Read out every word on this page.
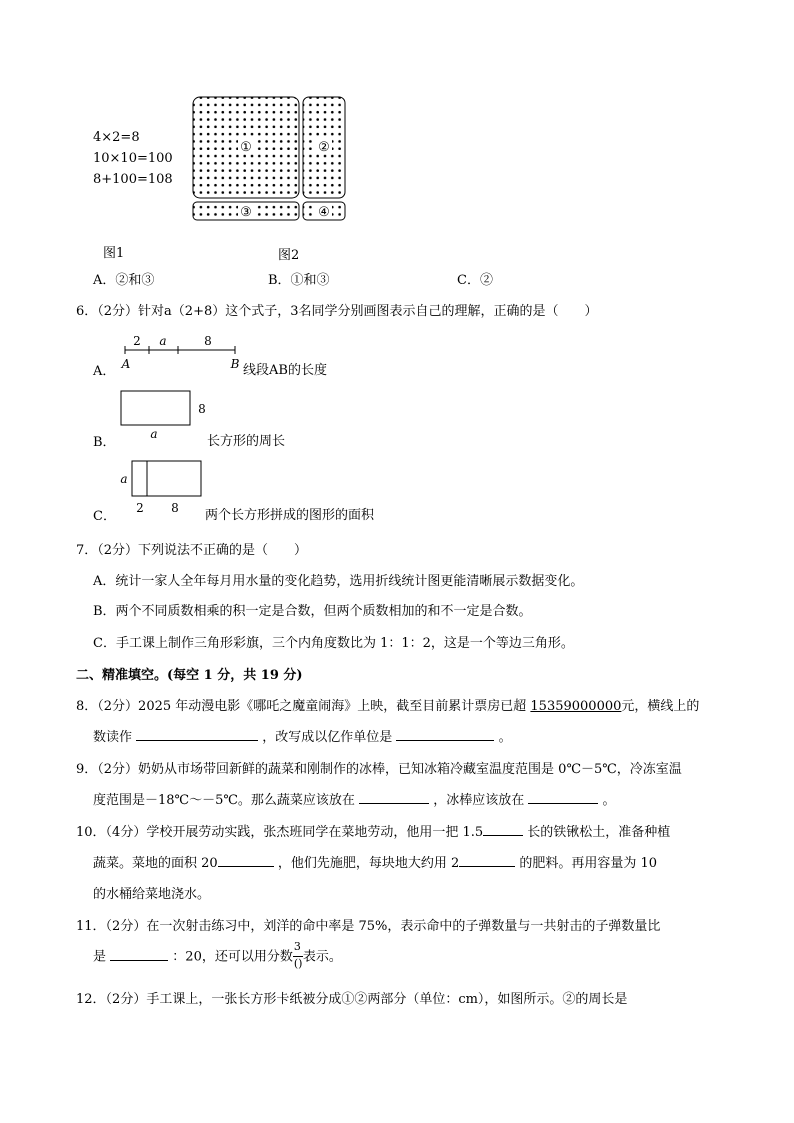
4×2=8
10×10=100
8+100=108
图1
①	②
③	④
图2
A．②和③	B．①和③	C．②
6．（2分）针对a（2+8）这个式子，3名同学分别画图表示自己的理解，正确的是（　　）
A．
2 a	8
A	B 线段AB的长度
B．
8
a	长方形的周长
C．
a
2 8 两个长方形拼成的图形的面积
7．（2分）下列说法不正确的是（　　）
A．统计一家人全年每月用水量的变化趋势，选用折线统计图更能清晰展示数据变化。
B．两个不同质数相乘的积一定是合数，但两个质数相加的和不一定是合数。
C．手工课上制作三角形彩旗，三个内角度数比为 1：1：2，这是一个等边三角形。
二、精准填空。(每空 1 分，共 19 分)
8．（2分）2025 年动漫电影《哪吒之魔童闹海》上映，截至目前累计票房已超 15359000000元，横线上的
数读作	，改写成以亿作单位是	。
9．（2分）奶奶从市场带回新鲜的蔬菜和刚制作的冰棒，已知冰箱冷藏室温度范围是 0℃－5℃，冷冻室温
度范围是－18℃～－5℃。那么蔬菜应该放在	，冰棒应该放在	。
10．（4分）学校开展劳动实践，张杰班同学在菜地劳动，他用一把 1.5	长的铁锹松土，准备种植
蔬菜。菜地的面积 20	，他们先施肥，每块地大约用 2	的肥料。再用容量为 10
的水桶给菜地浇水。
11．（2分）在一次射击练习中，刘洋的命中率是 75%，表示命中的子弹数量与一共射击的子弹数量比
是	：20，还可以用分数 $\frac{3}{()}$ 表示。
12．（2分）手工课上，一张长方形卡纸被分成①②两部分（单位：cm），如图所示。②的周长是
